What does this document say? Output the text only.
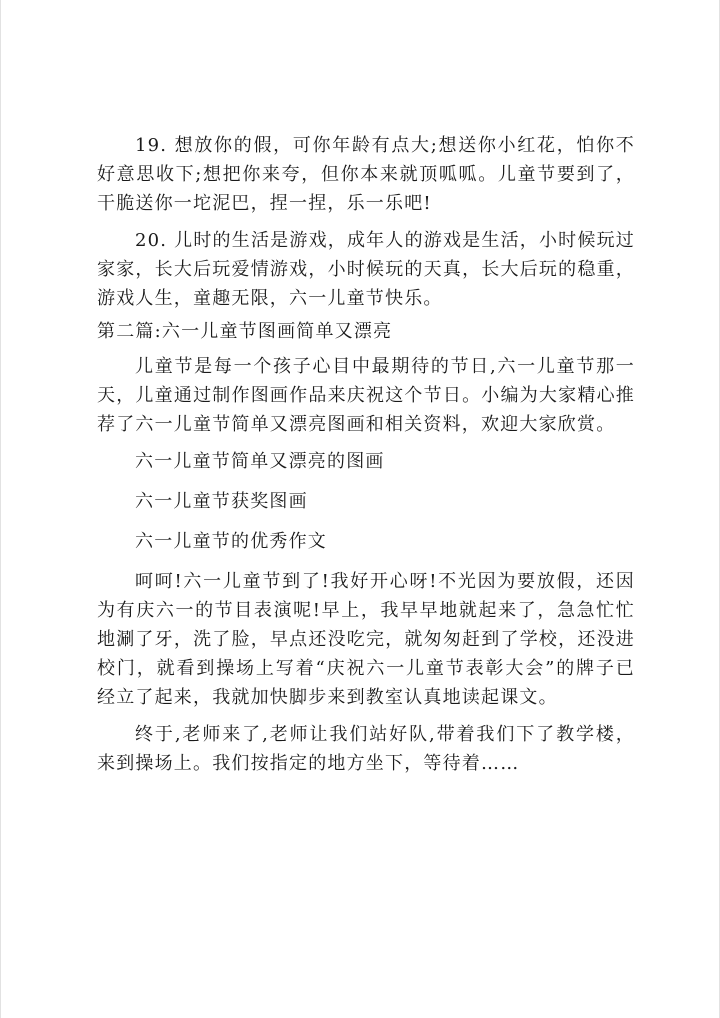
19. 想放你的假，可你年龄有点大;想送你小红花，怕你不好意思收下;想把你来夸，但你本来就顶呱呱。儿童节要到了，干脆送你一坨泥巴，捏一捏，乐一乐吧!

20. 儿时的生活是游戏，成年人的游戏是生活，小时候玩过家家，长大后玩爱情游戏，小时候玩的天真，长大后玩的稳重，游戏人生，童趣无限，六一儿童节快乐。

第二篇:六一儿童节图画简单又漂亮

儿童节是每一个孩子心目中最期待的节日,六一儿童节那一天，儿童通过制作图画作品来庆祝这个节日。小编为大家精心推荐了六一儿童节简单又漂亮图画和相关资料，欢迎大家欣赏。

六一儿童节简单又漂亮的图画

六一儿童节获奖图画

六一儿童节的优秀作文

呵呵!六一儿童节到了!我好开心呀!不光因为要放假，还因为有庆六一的节目表演呢!早上，我早早地就起来了，急急忙忙地涮了牙，洗了脸，早点还没吃完，就匆匆赶到了学校，还没进校门，就看到操场上写着“庆祝六一儿童节表彰大会”的牌子已经立了起来，我就加快脚步来到教室认真地读起课文。

终于,老师来了,老师让我们站好队,带着我们下了教学楼，来到操场上。我们按指定的地方坐下，等待着……
